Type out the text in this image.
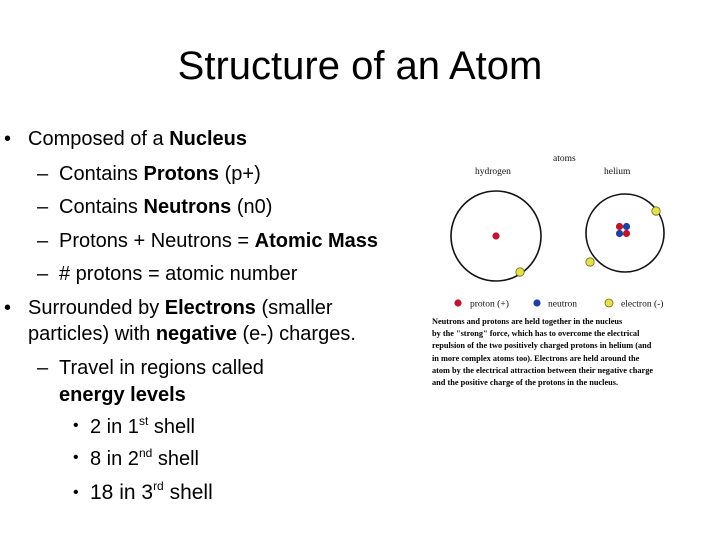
Structure of an Atom
• Composed of a Nucleus
– Contains Protons (p+)
– Contains Neutrons (n0)
– Protons + Neutrons = Atomic Mass
– # protons = atomic number
• Surrounded by Electrons (smaller
particles) with negative (e-) charges.
– Travel in regions called
energy levels
• 2 in 1st shell
• 8 in 2nd shell
• 18 in 3rd shell
atoms
hydrogen	helium
proton (+)	neutron	electron (-)
Neutrons and protons are held together in the nucleus
by the "strong" force, which has to overcome the electrical
repulsion of the two positively charged protons in helium (and
in more complex atoms too). Electrons are held around the
atom by the electrical attraction between their negative charge
and the positive charge of the protons in the nucleus.
